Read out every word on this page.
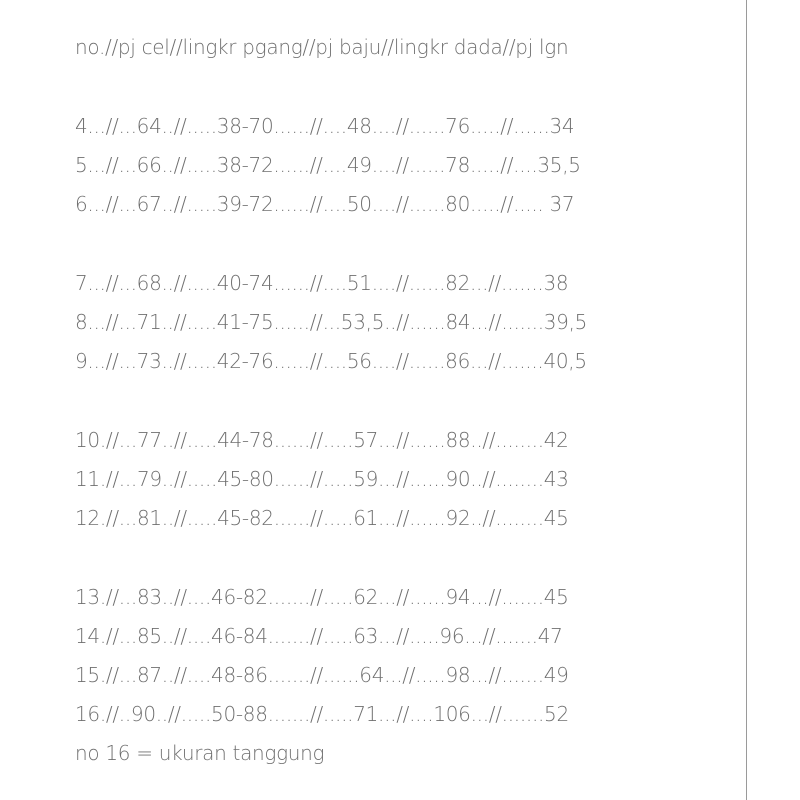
no.//pj cel//lingkr pgang//pj baju//lingkr dada//pj lgn
4...//...64..//.....38-70......//....48....//......76.....//......34
5...//...66..//.....38-72......//....49....//......78.....//....35,5
6...//...67..//.....39-72......//....50....//......80.....//..... 37
7...//...68..//.....40-74......//....51....//......82...//.......38
8...//...71..//.....41-75......//...53,5..//......84...//.......39,5
9...//...73..//.....42-76......//....56....//......86...//.......40,5
10.//...77..//.....44-78......//.....57...//......88..//........42
11.//...79..//.....45-80......//.....59...//......90..//........43
12.//...81..//.....45-82......//.....61...//......92..//........45
13.//...83..//....46-82.......//.....62...//......94...//.......45
14.//...85..//....46-84.......//.....63...//.....96...//.......47
15.//...87..//....48-86.......//......64...//.....98...//.......49
16.//..90..//.....50-88.......//.....71...//....106...//.......52
no 16 = ukuran tanggung
